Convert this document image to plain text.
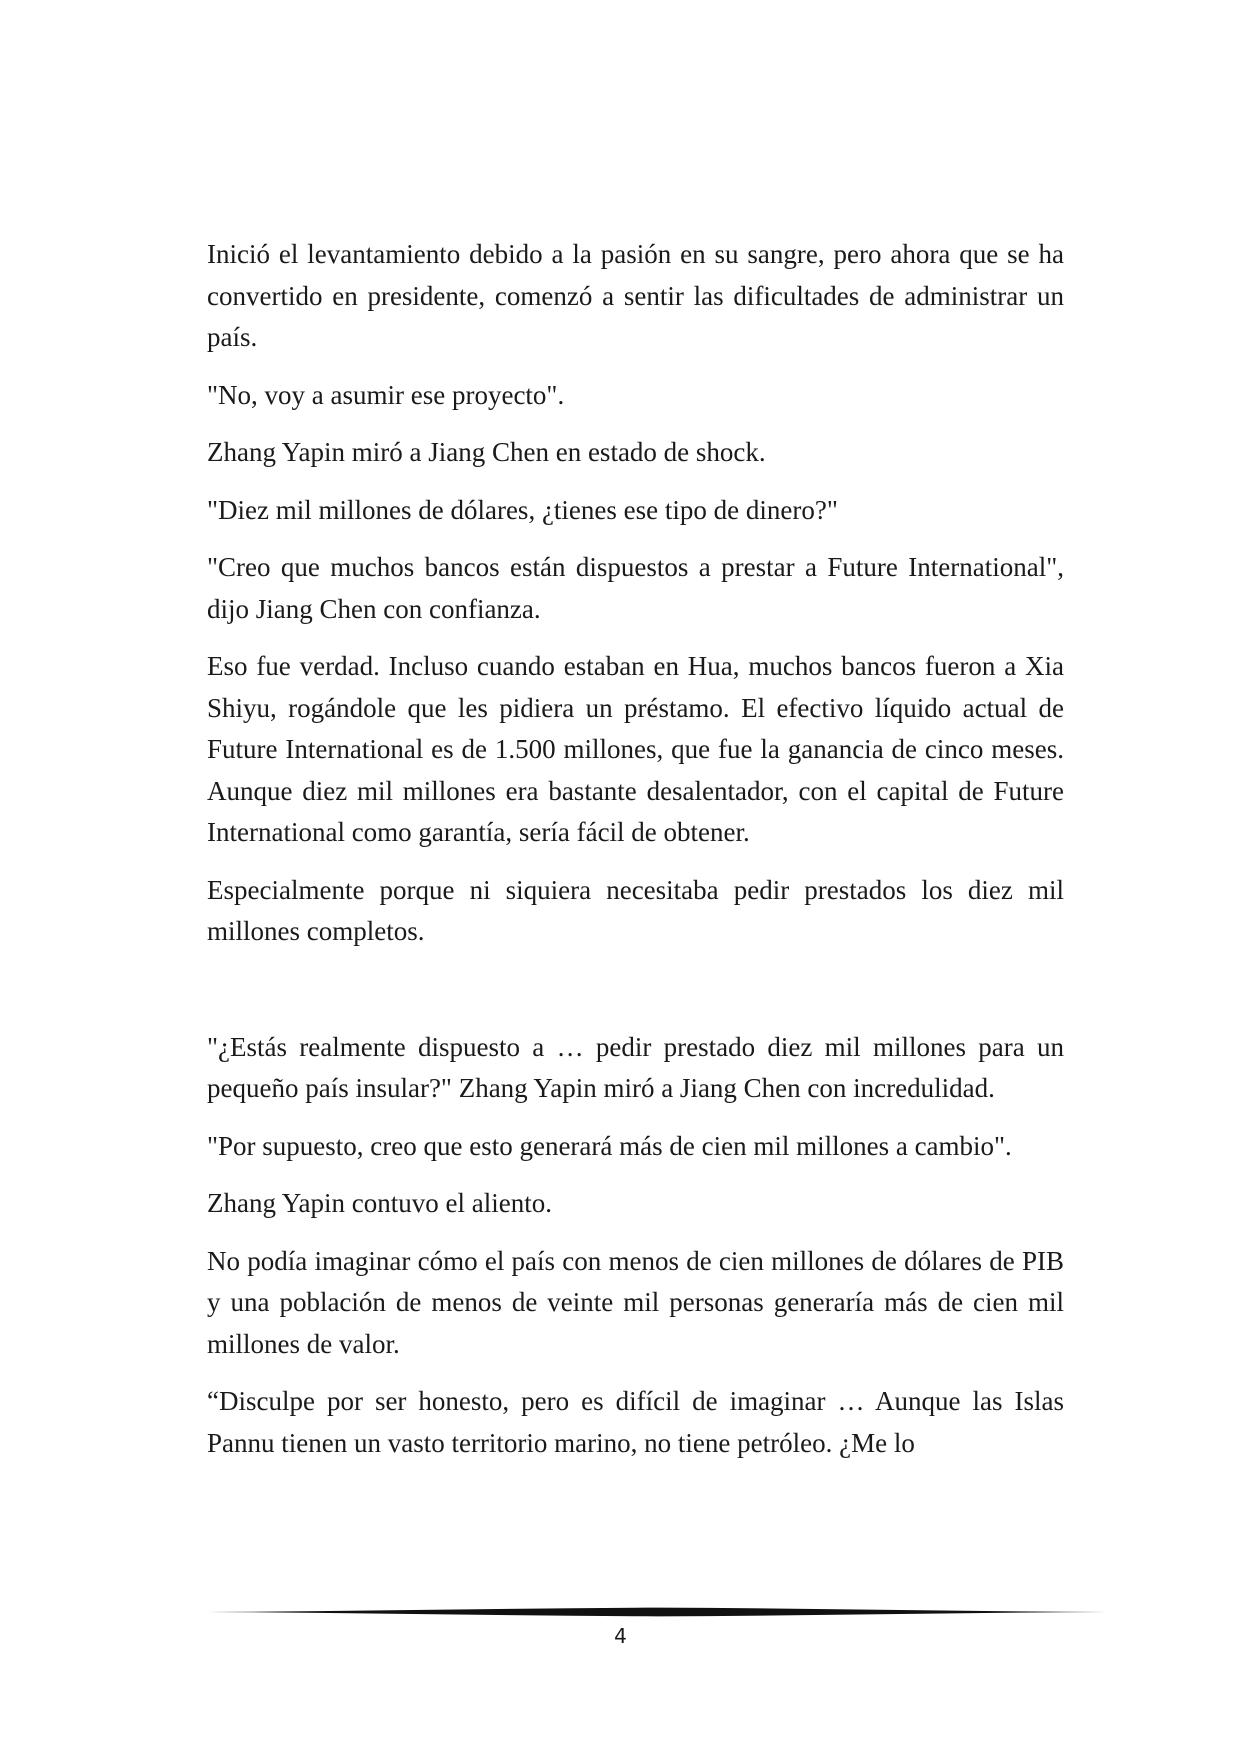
Inició el levantamiento debido a la pasión en su sangre, pero ahora que se ha convertido en presidente, comenzó a sentir las dificultades de administrar un país.

"No, voy a asumir ese proyecto".

Zhang Yapin miró a Jiang Chen en estado de shock.

"Diez mil millones de dólares, ¿tienes ese tipo de dinero?"

"Creo que muchos bancos están dispuestos a prestar a Future International", dijo Jiang Chen con confianza.

Eso fue verdad. Incluso cuando estaban en Hua, muchos bancos fueron a Xia Shiyu, rogándole que les pidiera un préstamo. El efectivo líquido actual de Future International es de 1.500 millones, que fue la ganancia de cinco meses. Aunque diez mil millones era bastante desalentador, con el capital de Future International como garantía, sería fácil de obtener.

Especialmente porque ni siquiera necesitaba pedir prestados los diez mil millones completos.

"¿Estás realmente dispuesto a … pedir prestado diez mil millones para un pequeño país insular?" Zhang Yapin miró a Jiang Chen con incredulidad.

"Por supuesto, creo que esto generará más de cien mil millones a cambio".

Zhang Yapin contuvo el aliento.

No podía imaginar cómo el país con menos de cien millones de dólares de PIB y una población de menos de veinte mil personas generaría más de cien mil millones de valor.

“Disculpe por ser honesto, pero es difícil de imaginar … Aunque las Islas Pannu tienen un vasto territorio marino, no tiene petróleo. ¿Me lo

4
